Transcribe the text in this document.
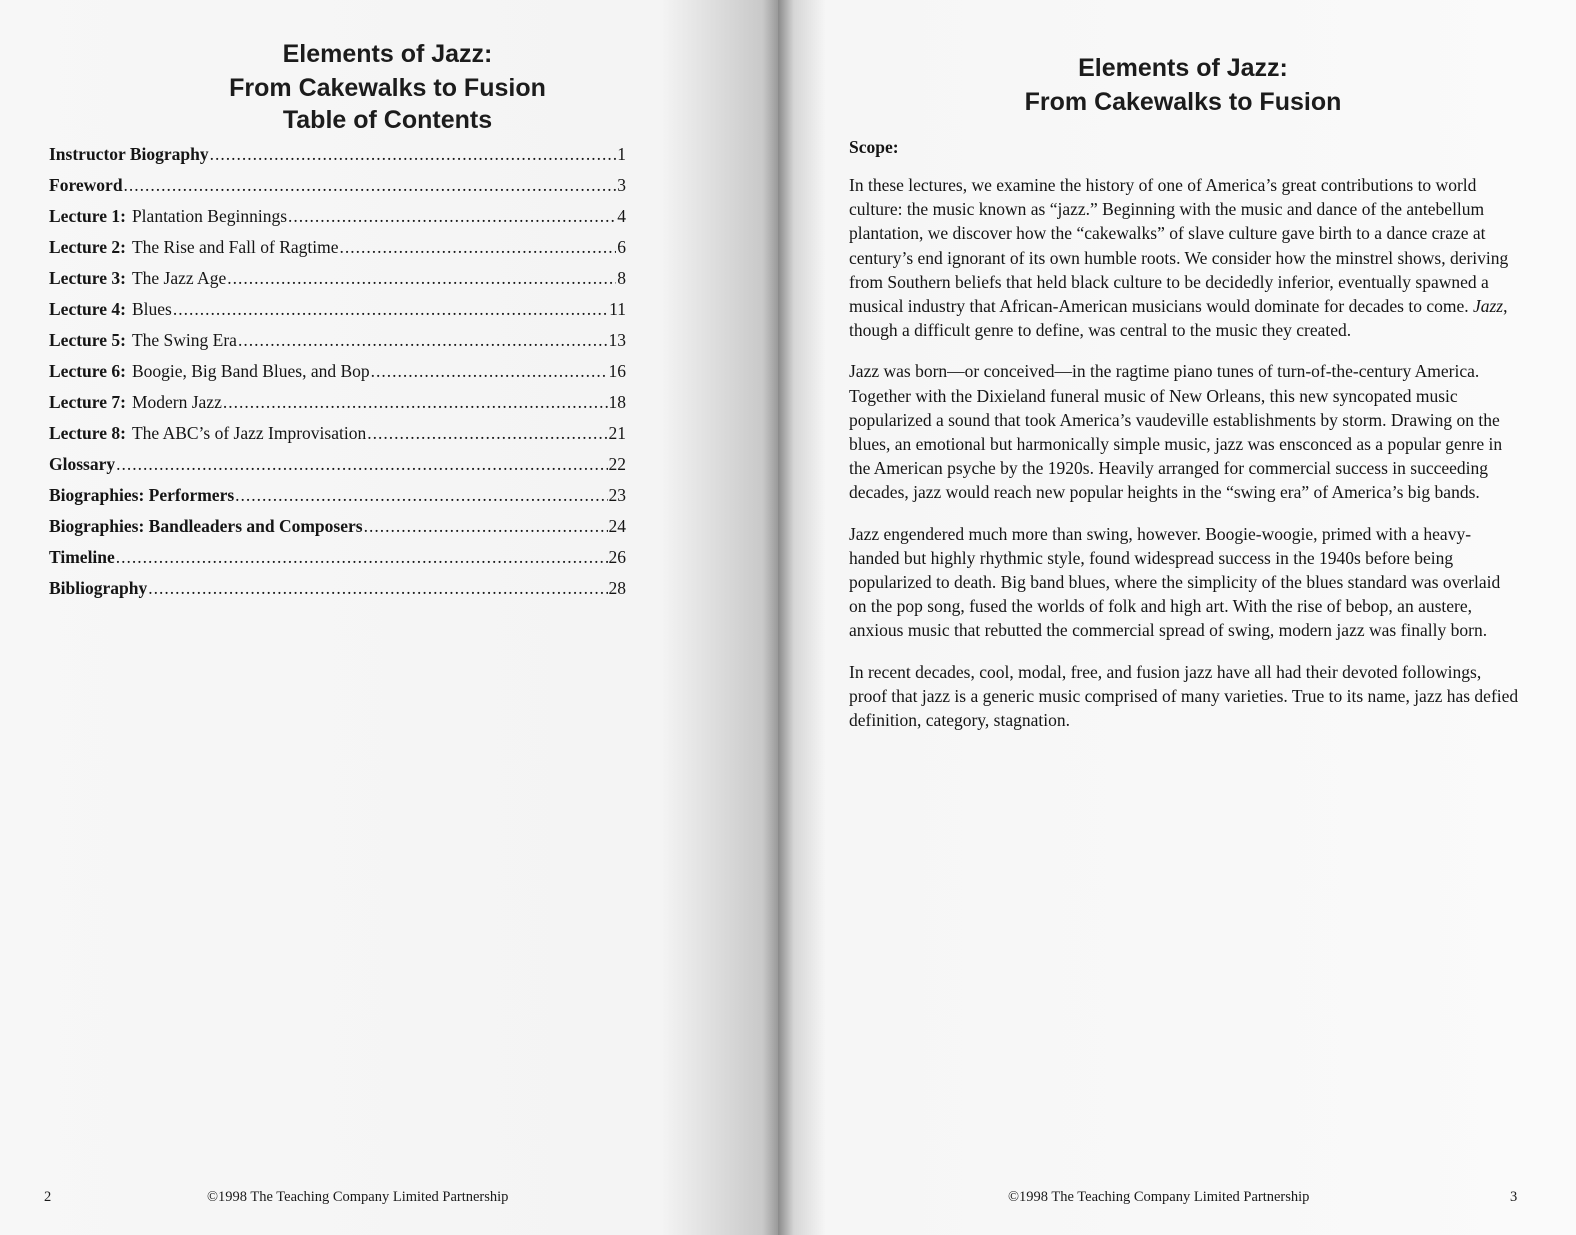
Elements of Jazz:
From Cakewalks to Fusion
Table of Contents
Instructor Biography .....	1
Foreword .....	3
Lecture 1: Plantation Beginnings .....	4
Lecture 2: The Rise and Fall of Ragtime .....	6
Lecture 3: The Jazz Age .....	8
Lecture 4: Blues .....	11
Lecture 5: The Swing Era .....	13
Lecture 6: Boogie, Big Band Blues, and Bop .....	16
Lecture 7: Modern Jazz .....	18
Lecture 8: The ABC’s of Jazz Improvisation .....	21
Glossary .....	22
Biographies: Performers .....	23
Biographies: Bandleaders and Composers .....	24
Timeline .....	26
Bibliography .....	28
2	©1998 The Teaching Company Limited Partnership
Elements of Jazz:
From Cakewalks to Fusion
Scope:

In these lectures, we examine the history of one of America’s great contributions to world culture: the music known as “jazz.” Beginning with the music and dance of the antebellum plantation, we discover how the “cakewalks” of slave culture gave birth to a dance craze at century’s end ignorant of its own humble roots. We consider how the minstrel shows, deriving from Southern beliefs that held black culture to be decidedly inferior, eventually spawned a musical industry that African-American musicians would dominate for decades to come. Jazz, though a difficult genre to define, was central to the music they created.

Jazz was born—or conceived—in the ragtime piano tunes of turn-of-the-century America. Together with the Dixieland funeral music of New Orleans, this new syncopated music popularized a sound that took America’s vaudeville establishments by storm. Drawing on the blues, an emotional but harmonically simple music, jazz was ensconced as a popular genre in the American psyche by the 1920s. Heavily arranged for commercial success in succeeding decades, jazz would reach new popular heights in the “swing era” of America’s big bands.

Jazz engendered much more than swing, however. Boogie-woogie, primed with a heavy-handed but highly rhythmic style, found widespread success in the 1940s before being popularized to death. Big band blues, where the simplicity of the blues standard was overlaid on the pop song, fused the worlds of folk and high art. With the rise of bebop, an austere, anxious music that rebutted the commercial spread of swing, modern jazz was finally born.

In recent decades, cool, modal, free, and fusion jazz have all had their devoted followings, proof that jazz is a generic music comprised of many varieties. True to its name, jazz has defied definition, category, stagnation.

©1998 The Teaching Company Limited Partnership	3
